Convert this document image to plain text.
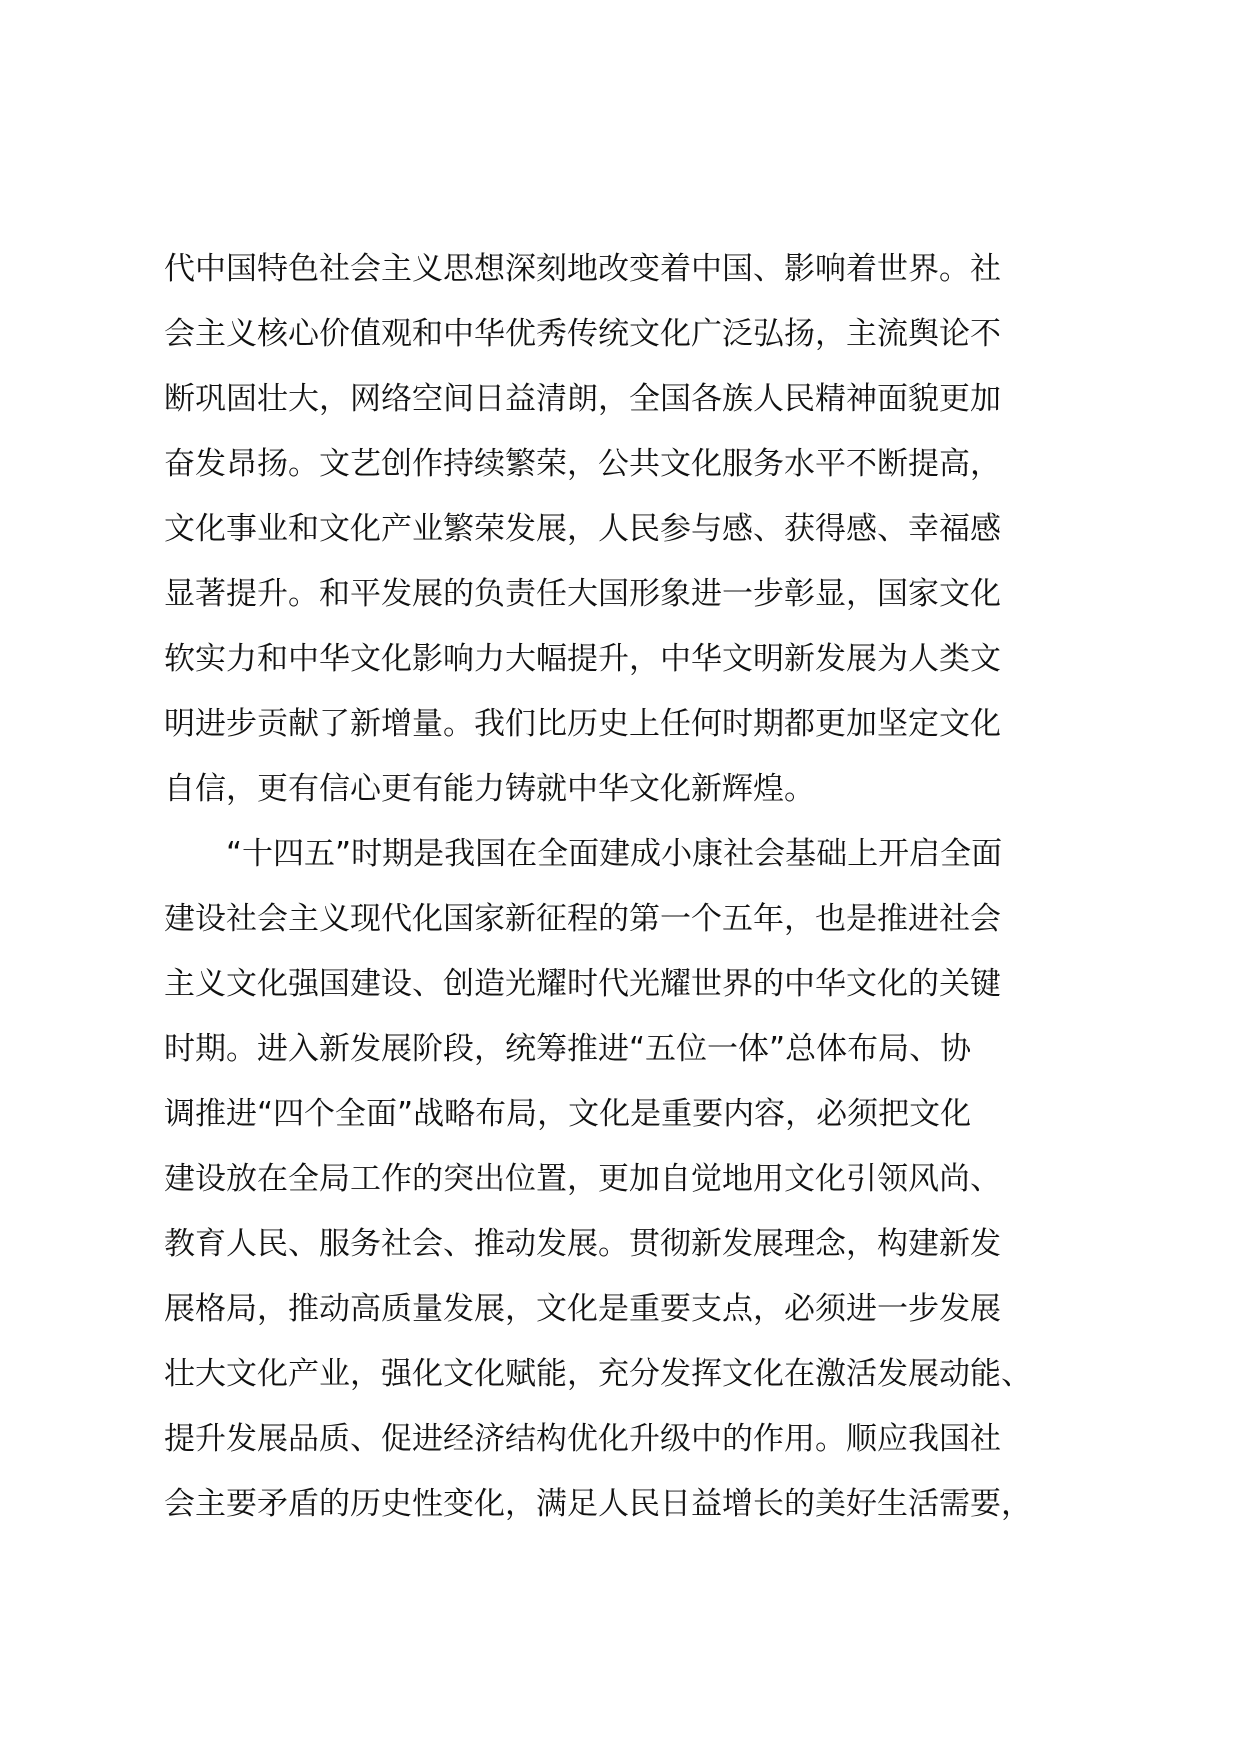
代中国特色社会主义思想深刻地改变着中国、影响着世界。社
会主义核心价值观和中华优秀传统文化广泛弘扬，主流舆论不
断巩固壮大，网络空间日益清朗，全国各族人民精神面貌更加
奋发昂扬。文艺创作持续繁荣，公共文化服务水平不断提高，
文化事业和文化产业繁荣发展，人民参与感、获得感、幸福感
显著提升。和平发展的负责任大国形象进一步彰显，国家文化
软实力和中华文化影响力大幅提升，中华文明新发展为人类文
明进步贡献了新增量。我们比历史上任何时期都更加坚定文化
自信，更有信心更有能力铸就中华文化新辉煌。
　　“十四五”时期是我国在全面建成小康社会基础上开启全面
建设社会主义现代化国家新征程的第一个五年，也是推进社会
主义文化强国建设、创造光耀时代光耀世界的中华文化的关键
时期。进入新发展阶段，统筹推进“五位一体”总体布局、协
调推进“四个全面”战略布局，文化是重要内容，必须把文化
建设放在全局工作的突出位置，更加自觉地用文化引领风尚、
教育人民、服务社会、推动发展。贯彻新发展理念，构建新发
展格局，推动高质量发展，文化是重要支点，必须进一步发展
壮大文化产业，强化文化赋能，充分发挥文化在激活发展动能、
提升发展品质、促进经济结构优化升级中的作用。顺应我国社
会主要矛盾的历史性变化，满足人民日益增长的美好生活需要，
